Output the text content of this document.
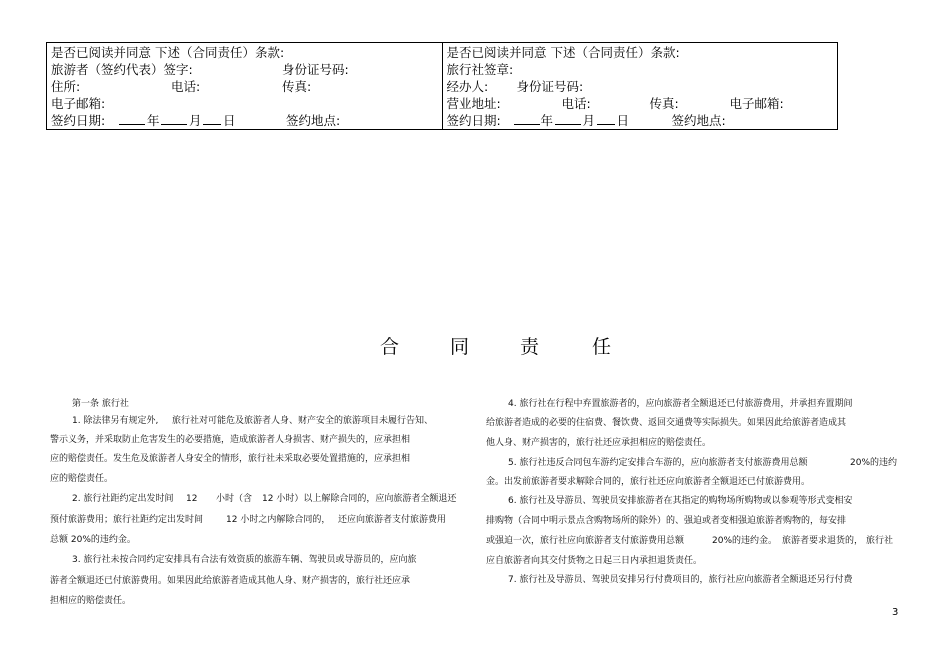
是否已阅读并同意 下述（合同责任）条款:
旅游者（签约代表）签字:	身份证号码:
住所:	电话:	传真:
电子邮箱:
签约日期:	年 月 日	签约地点:
是否已阅读并同意 下述（合同责任）条款:
旅行社签章:
经办人: 身份证号码:
营业地址:	电话:	传真:	电子邮箱:
签约日期:	年 月 日	签约地点:
合	同	责	任
第一条 旅行社
1. 除法律另有规定外, 旅行社对可能危及旅游者人身、财产安全的旅游项目未履行告知、
警示义务，并采取防止危害发生的必要措施，造成旅游者人身损害、财产损失的，应承担相
应的赔偿责任。发生危及旅游者人身安全的情形，旅行社未采取必要处置措施的，应承担相
应的赔偿责任。
2. 旅行社距约定出发时间 12 小时（含 12 小时）以上解除合同的，应向旅游者全额退还
预付旅游费用；旅行社距约定出发时间	12 小时之内解除合同的， 还应向旅游者支付旅游费用
总额 20%的违约金。
3. 旅行社未按合同约定安排具有合法有效资质的旅游车辆、驾驶员或导游员的，应向旅
游者全额退还已付旅游费用。如果因此给旅游者造成其他人身、财产损害的，旅行社还应承
担相应的赔偿责任。
4. 旅行社在行程中弃置旅游者的，应向旅游者全额退还已付旅游费用，并承担弃置期间
给旅游者造成的必要的住宿费、餐饮费、返回交通费等实际损失。如果因此给旅游者造成其
他人身、财产损害的，旅行社还应承担相应的赔偿责任。
5. 旅行社违反合同包车游约定安排合车游的，应向旅游者支付旅游费用总额	20%的违约
金。出发前旅游者要求解除合同的，旅行社还应向旅游者全额退还已付旅游费用。
6. 旅行社及导游员、驾驶员安排旅游者在其指定的购物场所购物或以参观等形式变相安
排购物（合同中明示景点含购物场所的除外）的、强迫或者变相强迫旅游者购物的，每安排
或强迫一次，旅行社应向旅游者支付旅游费用总额	20%的违约金。 旅游者要求退货的， 旅行社
应自旅游者向其交付货物之日起三日内承担退货责任。
7. 旅行社及导游员、驾驶员安排另行付费项目的，旅行社应向旅游者全额退还另行付费
3
